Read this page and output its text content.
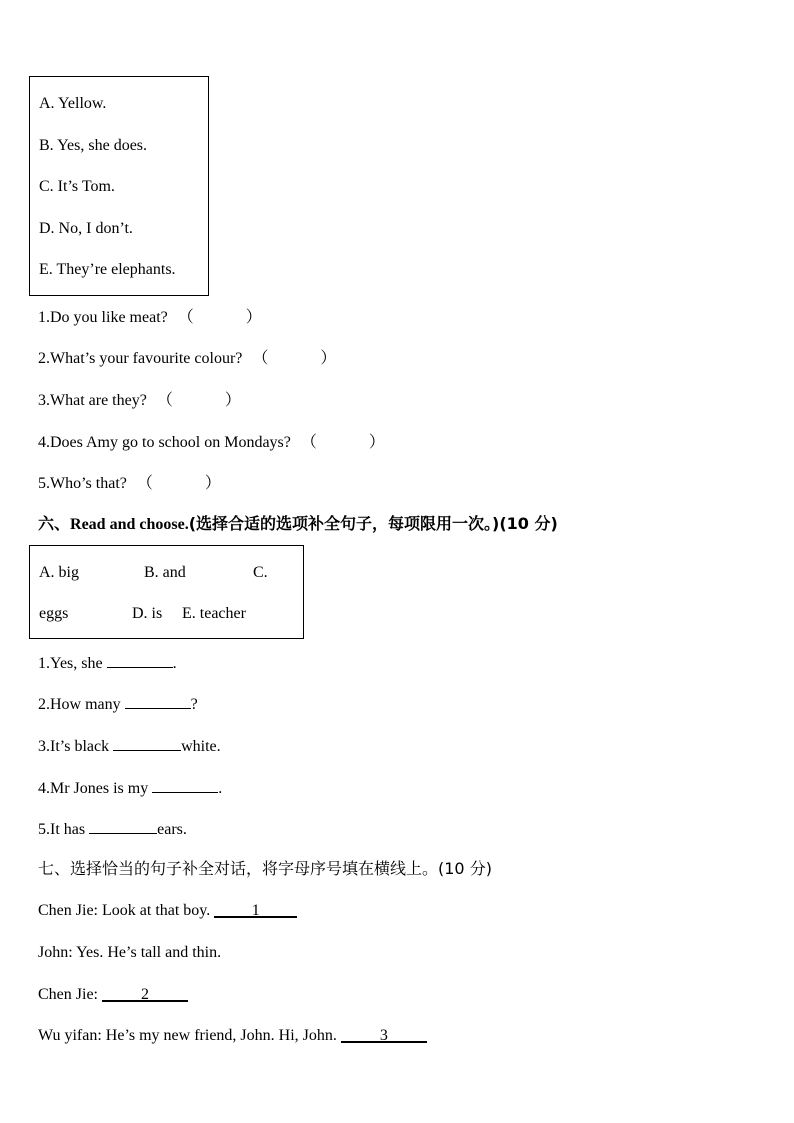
A. Yellow.
B. Yes, she does.
C. It’s Tom.
D. No, I don’t.
E. They’re elephants.
1.Do you like meat? （	）
2.What’s your favourite colour? （	）
3.What are they? （	）
4.Does Amy go to school on Mondays? （	）
5.Who’s that? （	）
六、Read and choose.(选择合适的选项补全句子，每项限用一次。)(10 分)
A. big	B. and	C.
eggs	D. is E. teacher
1.Yes, she	.
2.How many	?
3.It’s black	white.
4.Mr Jones is my	.
5.It has	ears.
七、选择恰当的句子补全对话，将字母序号填在横线上。(10 分)
Chen Jie: Look at that boy. 1
John: Yes. He’s tall and thin.
Chen Jie: 2
Wu yifan: He’s my new friend, John. Hi, John. 3
